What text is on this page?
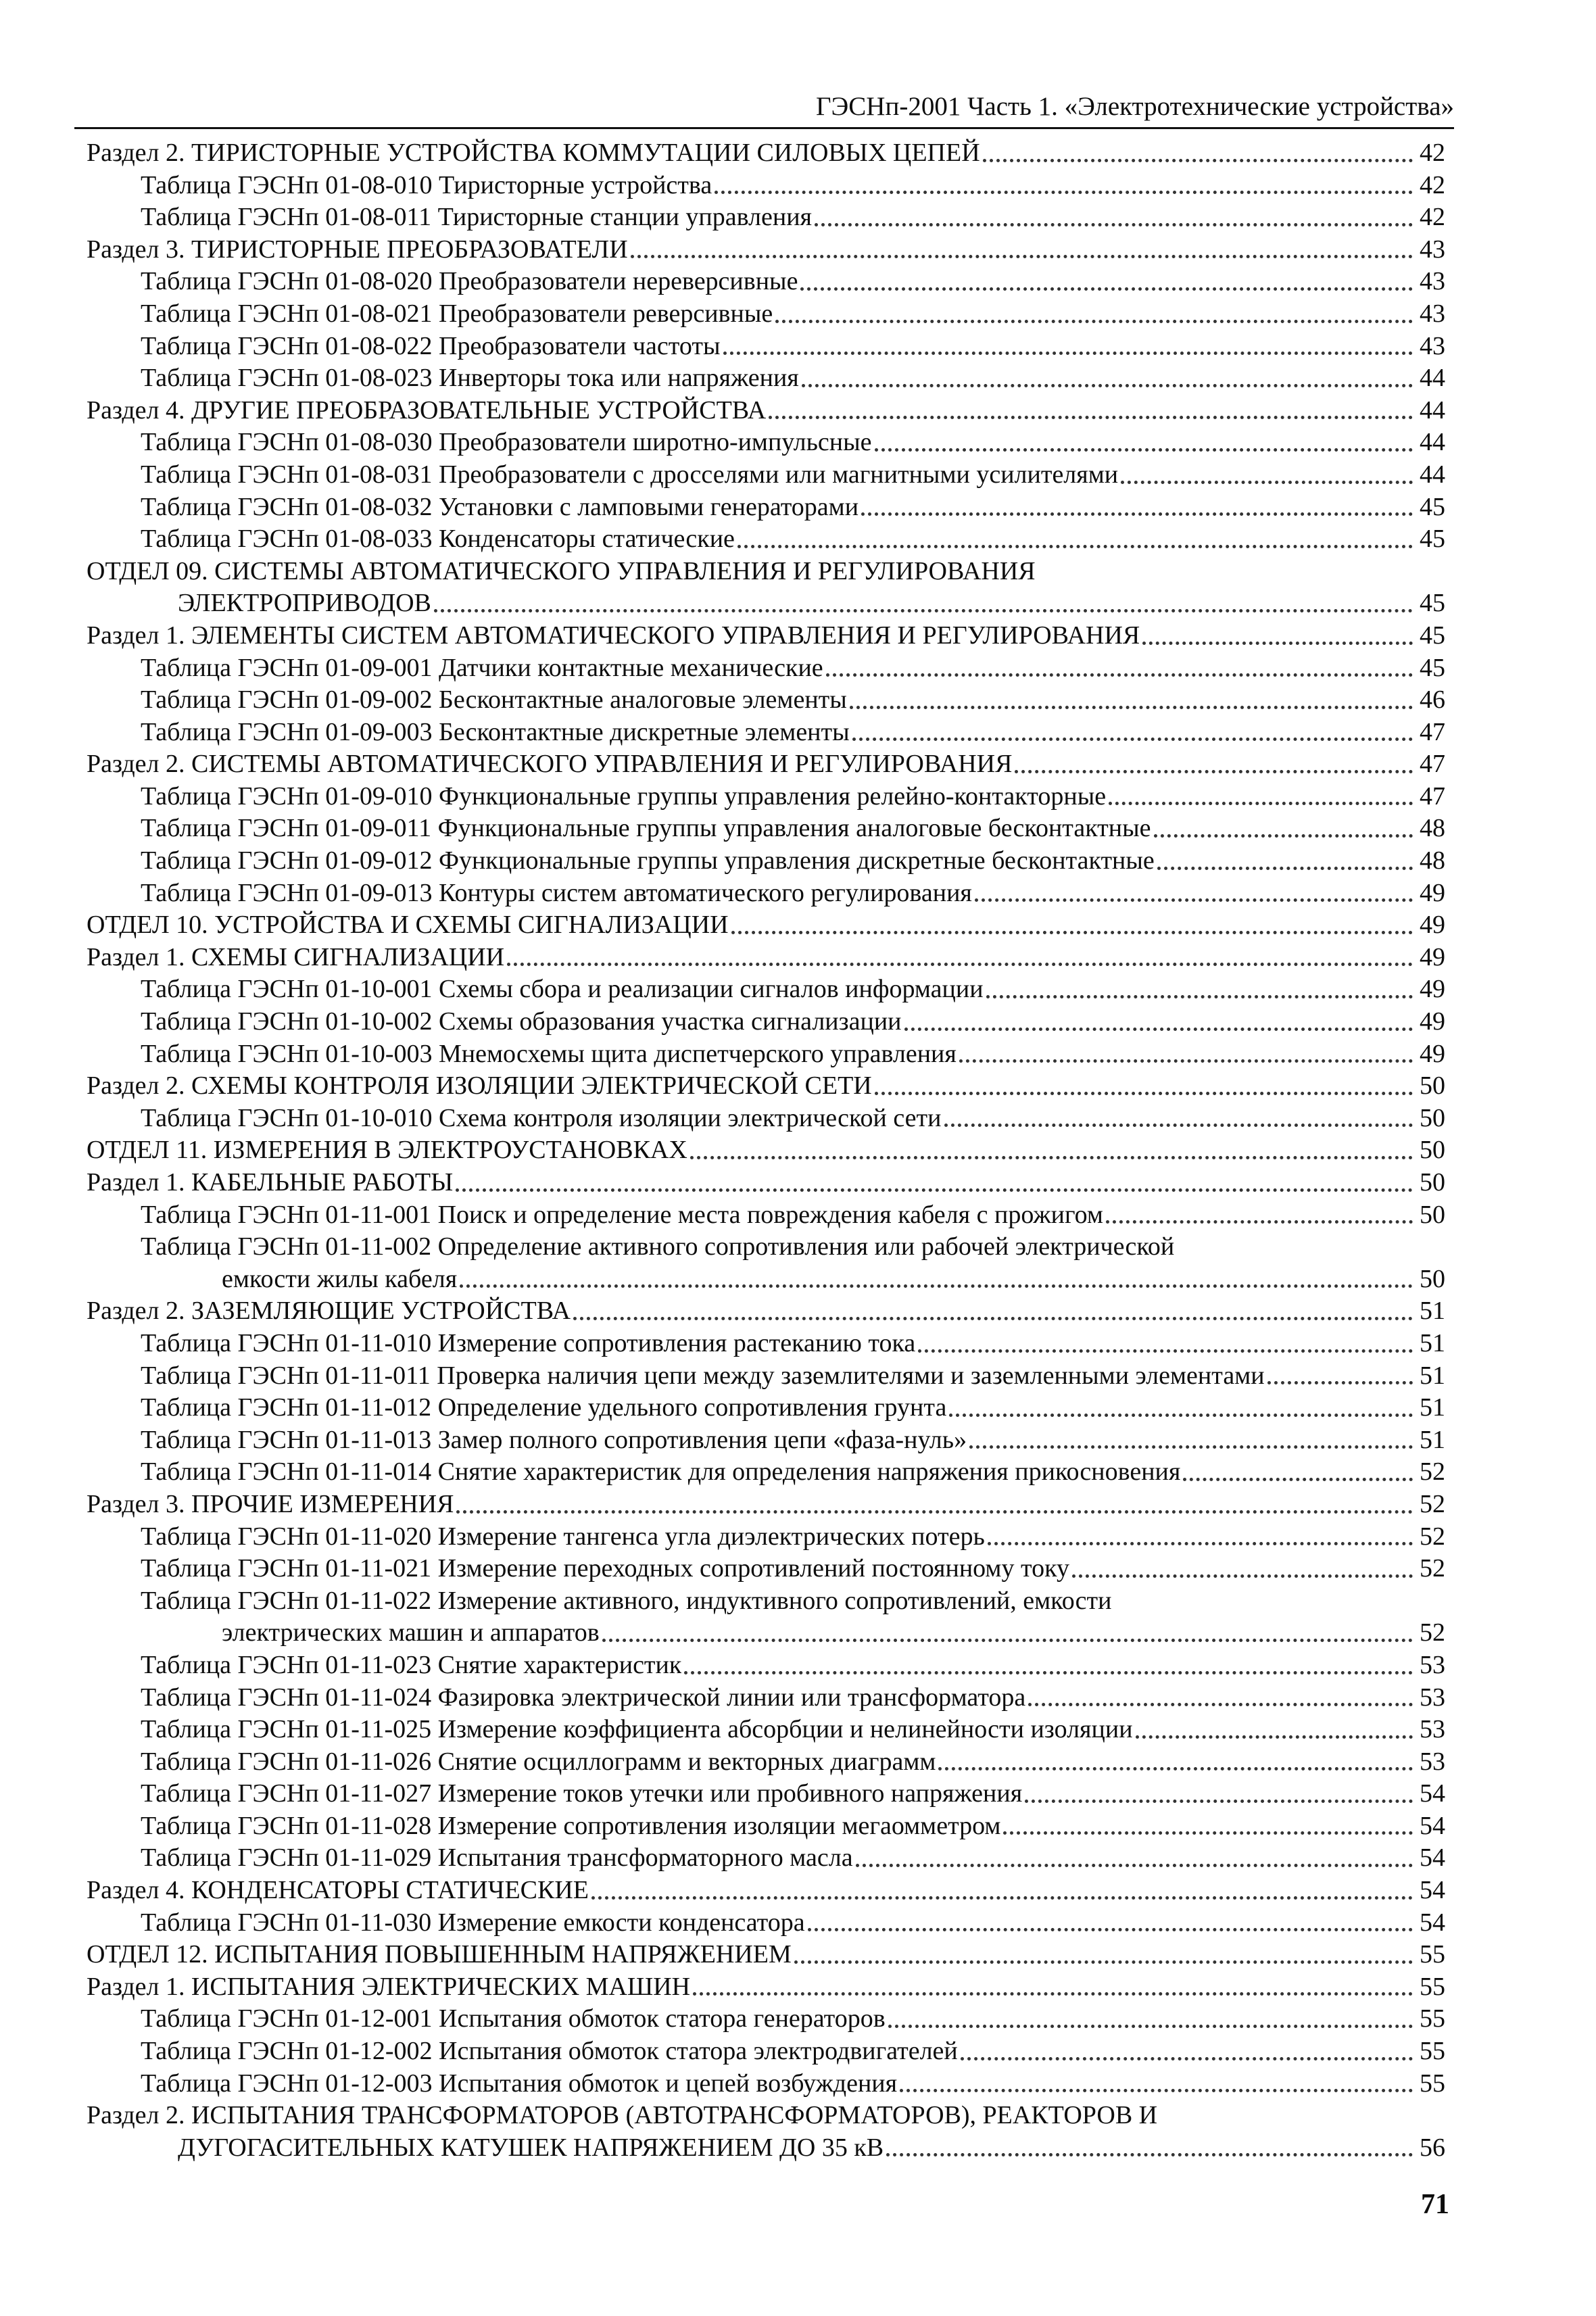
ГЭСНп-2001 Часть 1. «Электротехнические устройства»
Раздел 2. ТИРИСТОРНЫЕ УСТРОЙСТВА КОММУТАЦИИ СИЛОВЫХ ЦЕПЕЙ	42
Таблица ГЭСНп 01-08-010 Тиристорные устройства	42
Таблица ГЭСНп 01-08-011 Тиристорные станции управления	42
Раздел 3. ТИРИСТОРНЫЕ ПРЕОБРАЗОВАТЕЛИ	43
Таблица ГЭСНп 01-08-020 Преобразователи нереверсивные	43
Таблица ГЭСНп 01-08-021 Преобразователи реверсивные	43
Таблица ГЭСНп 01-08-022 Преобразователи частоты	43
Таблица ГЭСНп 01-08-023 Инверторы тока или напряжения	44
Раздел 4. ДРУГИЕ ПРЕОБРАЗОВАТЕЛЬНЫЕ УСТРОЙСТВА	44
Таблица ГЭСНп 01-08-030 Преобразователи широтно-импульсные	44
Таблица ГЭСНп 01-08-031 Преобразователи с дросселями или магнитными усилителями	44
Таблица ГЭСНп 01-08-032 Установки с ламповыми генераторами	45
Таблица ГЭСНп 01-08-033 Конденсаторы статические	45
ОТДЕЛ 09. СИСТЕМЫ АВТОМАТИЧЕСКОГО УПРАВЛЕНИЯ И РЕГУЛИРОВАНИЯ
ЭЛЕКТРОПРИВОДОВ	45
Раздел 1. ЭЛЕМЕНТЫ СИСТЕМ АВТОМАТИЧЕСКОГО УПРАВЛЕНИЯ И РЕГУЛИРОВАНИЯ	45
Таблица ГЭСНп 01-09-001 Датчики контактные механические	45
Таблица ГЭСНп 01-09-002 Бесконтактные аналоговые элементы	46
Таблица ГЭСНп 01-09-003 Бесконтактные дискретные элементы	47
Раздел 2. СИСТЕМЫ АВТОМАТИЧЕСКОГО УПРАВЛЕНИЯ И РЕГУЛИРОВАНИЯ	47
Таблица ГЭСНп 01-09-010 Функциональные группы управления релейно-контакторные	47
Таблица ГЭСНп 01-09-011 Функциональные группы управления аналоговые бесконтактные	48
Таблица ГЭСНп 01-09-012 Функциональные группы управления дискретные бесконтактные	48
Таблица ГЭСНп 01-09-013 Контуры систем автоматического регулирования	49
ОТДЕЛ 10. УСТРОЙСТВА И СХЕМЫ СИГНАЛИЗАЦИИ	49
Раздел 1. СХЕМЫ СИГНАЛИЗАЦИИ	49
Таблица ГЭСНп 01-10-001 Схемы сбора и реализации сигналов информации	49
Таблица ГЭСНп 01-10-002 Схемы образования участка сигнализации	49
Таблица ГЭСНп 01-10-003 Мнемосхемы щита диспетчерского управления	49
Раздел 2. СХЕМЫ КОНТРОЛЯ ИЗОЛЯЦИИ ЭЛЕКТРИЧЕСКОЙ СЕТИ	50
Таблица ГЭСНп 01-10-010 Схема контроля изоляции электрической сети	50
ОТДЕЛ 11. ИЗМЕРЕНИЯ В ЭЛЕКТРОУСТАНОВКАХ	50
Раздел 1. КАБЕЛЬНЫЕ РАБОТЫ	50
Таблица ГЭСНп 01-11-001 Поиск и определение места повреждения кабеля с прожигом	50
Таблица ГЭСНп 01-11-002 Определение активного сопротивления или рабочей электрической
емкости жилы кабеля	50
Раздел 2. ЗАЗЕМЛЯЮЩИЕ УСТРОЙСТВА	51
Таблица ГЭСНп 01-11-010 Измерение сопротивления растеканию тока	51
Таблица ГЭСНп 01-11-011 Проверка наличия цепи между заземлителями и заземленными элементами	51
Таблица ГЭСНп 01-11-012 Определение удельного сопротивления грунта	51
Таблица ГЭСНп 01-11-013 Замер полного сопротивления цепи «фаза-нуль»	51
Таблица ГЭСНп 01-11-014 Снятие характеристик для определения напряжения прикосновения	52
Раздел 3. ПРОЧИЕ ИЗМЕРЕНИЯ	52
Таблица ГЭСНп 01-11-020 Измерение тангенса угла диэлектрических потерь	52
Таблица ГЭСНп 01-11-021 Измерение переходных сопротивлений постоянному току	52
Таблица ГЭСНп 01-11-022 Измерение активного, индуктивного сопротивлений, емкости
электрических машин и аппаратов	52
Таблица ГЭСНп 01-11-023 Снятие характеристик	53
Таблица ГЭСНп 01-11-024 Фазировка электрической линии или трансформатора	53
Таблица ГЭСНп 01-11-025 Измерение коэффициента абсорбции и нелинейности изоляции	53
Таблица ГЭСНп 01-11-026 Снятие осциллограмм и векторных диаграмм	53
Таблица ГЭСНп 01-11-027 Измерение токов утечки или пробивного напряжения	54
Таблица ГЭСНп 01-11-028 Измерение сопротивления изоляции мегаомметром	54
Таблица ГЭСНп 01-11-029 Испытания трансформаторного масла	54
Раздел 4. КОНДЕНСАТОРЫ СТАТИЧЕСКИЕ	54
Таблица ГЭСНп 01-11-030 Измерение емкости конденсатора	54
ОТДЕЛ 12. ИСПЫТАНИЯ ПОВЫШЕННЫМ НАПРЯЖЕНИЕМ	55
Раздел 1. ИСПЫТАНИЯ ЭЛЕКТРИЧЕСКИХ МАШИН	55
Таблица ГЭСНп 01-12-001 Испытания обмоток статора генераторов	55
Таблица ГЭСНп 01-12-002 Испытания обмоток статора электродвигателей	55
Таблица ГЭСНп 01-12-003 Испытания обмоток и цепей возбуждения	55
Раздел 2. ИСПЫТАНИЯ ТРАНСФОРМАТОРОВ (АВТОТРАНСФОРМАТОРОВ), РЕАКТОРОВ И
ДУГОГАСИТЕЛЬНЫХ КАТУШЕК НАПРЯЖЕНИЕМ ДО 35 кВ	56
71
